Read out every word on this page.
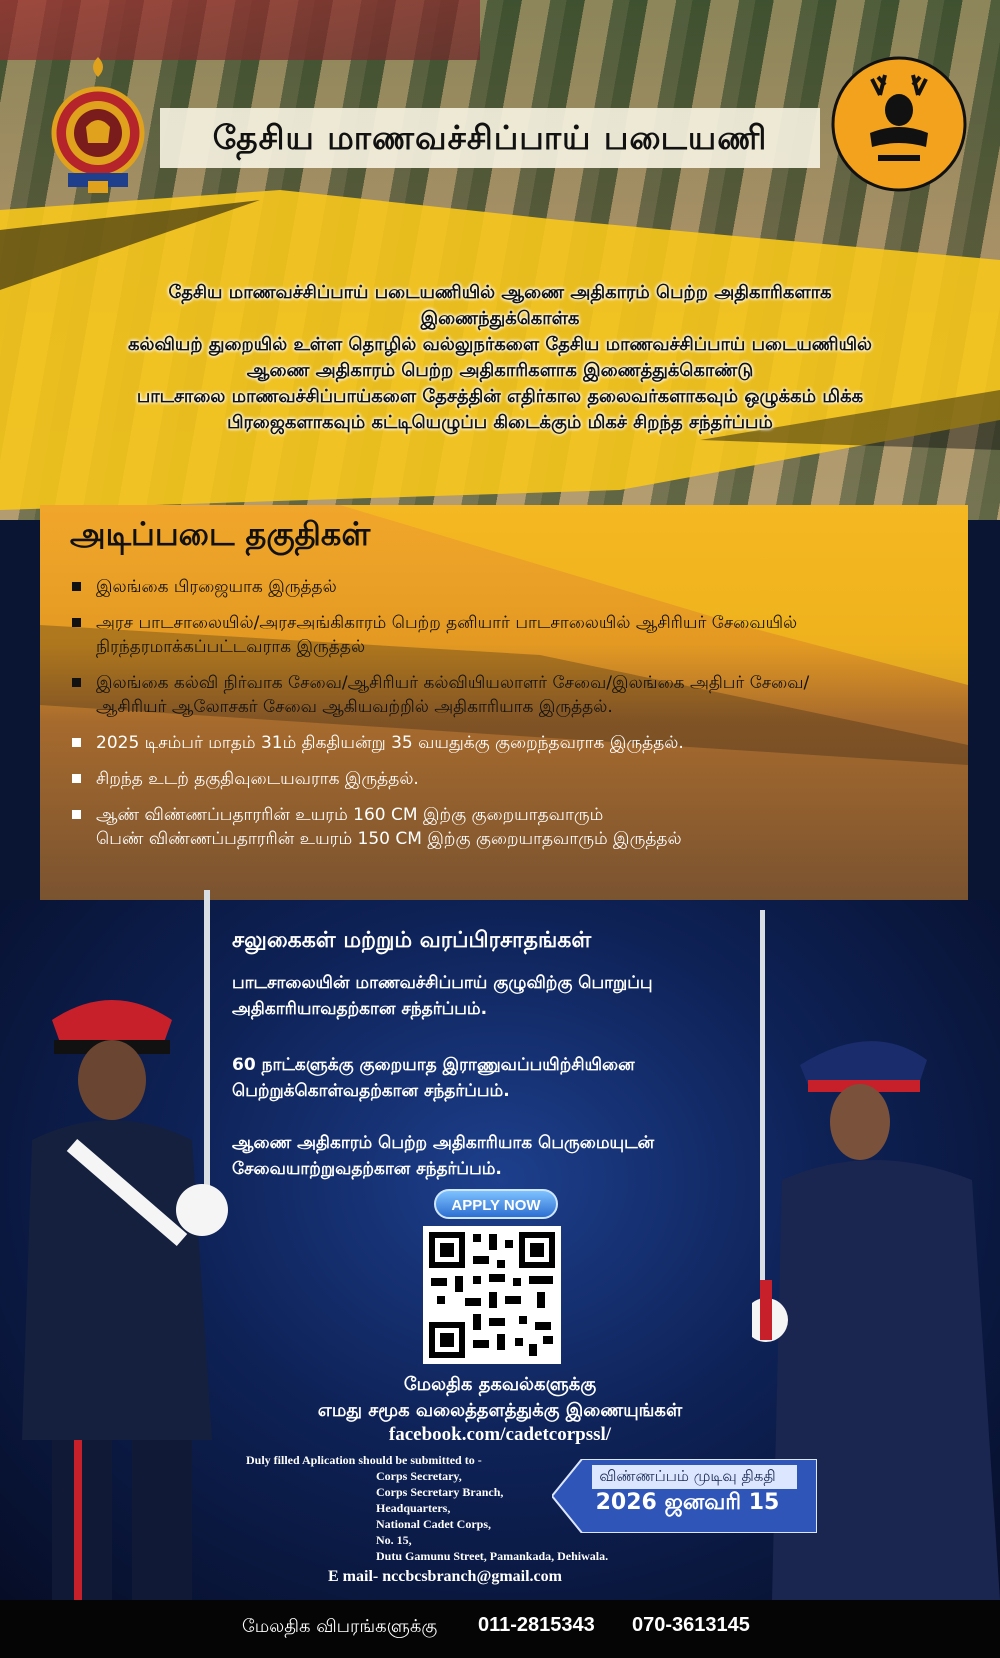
தேசிய மாணவச்சிப்பாய் படையணி
தேசிய மாணவச்சிப்பாய் படையணியில் ஆணை அதிகாரம் பெற்ற அதிகாரிகளாக
இணைந்துக்கொள்க
கல்வியற் துறையில் உள்ள தொழில் வல்லுநர்களை தேசிய மாணவச்சிப்பாய் படையணியில்
ஆணை அதிகாரம் பெற்ற அதிகாரிகளாக இணைத்துக்கொண்டு
பாடசாலை மாணவச்சிப்பாய்களை தேசத்தின் எதிர்கால தலைவர்களாகவும் ஒழுக்கம் மிக்க
பிரஜைகளாகவும் கட்டியெழுப்ப கிடைக்கும் மிகச் சிறந்த சந்தர்ப்பம்
அடிப்படை தகுதிகள்
இலங்கை பிரஜையாக இருத்தல்
அரச பாடசாலையில்/அரசஅங்கிகாரம் பெற்ற தனியார் பாடசாலையில் ஆசிரியர் சேவையில்
நிரந்தரமாக்கப்பட்டவராக இருத்தல்
இலங்கை கல்வி நிர்வாக சேவை/ஆசிரியர் கல்வியியலாளர் சேவை/இலங்கை அதிபர் சேவை/
ஆசிரியர் ஆலோசகர் சேவை ஆகியவற்றில் அதிகாரியாக இருத்தல்.
2025 டிசம்பர் மாதம் 31ம் திகதியன்று 35 வயதுக்கு குறைந்தவராக இருத்தல்.
சிறந்த உடற் தகுதிவுடையவராக இருத்தல்.
ஆண் விண்ணப்பதாரரின் உயரம் 160 CM இற்கு குறையாதவாரும்
பெண் விண்ணப்பதாரரின் உயரம் 150 CM இற்கு குறையாதவாரும் இருத்தல்
சலுகைகள் மற்றும் வரப்பிரசாதங்கள்
பாடசாலையின் மாணவச்சிப்பாய் குழுவிற்கு பொறுப்பு
அதிகாரியாவதற்கான சந்தர்ப்பம்.
60 நாட்களுக்கு குறையாத இராணுவப்பயிற்சியினை
பெற்றுக்கொள்வதற்கான சந்தர்ப்பம்.
ஆணை அதிகாரம் பெற்ற அதிகாரியாக பெருமையுடன்
சேவையாற்றுவதற்கான சந்தர்ப்பம்.
APPLY NOW
மேலதிக தகவல்களுக்கு
எமது சமூக வலைத்தளத்துக்கு இணையுங்கள்
facebook.com/cadetcorpssl/
Duly filled Aplication should be submitted to -
Corps Secretary,
Corps Secretary Branch,
Headquarters,
National Cadet Corps,
No. 15,
Dutu Gamunu Street, Pamankada, Dehiwala.
E mail- nccbcsbranch@gmail.com
விண்ணப்பம் முடிவு திகதி
2026 ஜனவரி 15
மேலதிக விபரங்களுக்கு 011-2815343 070-3613145
